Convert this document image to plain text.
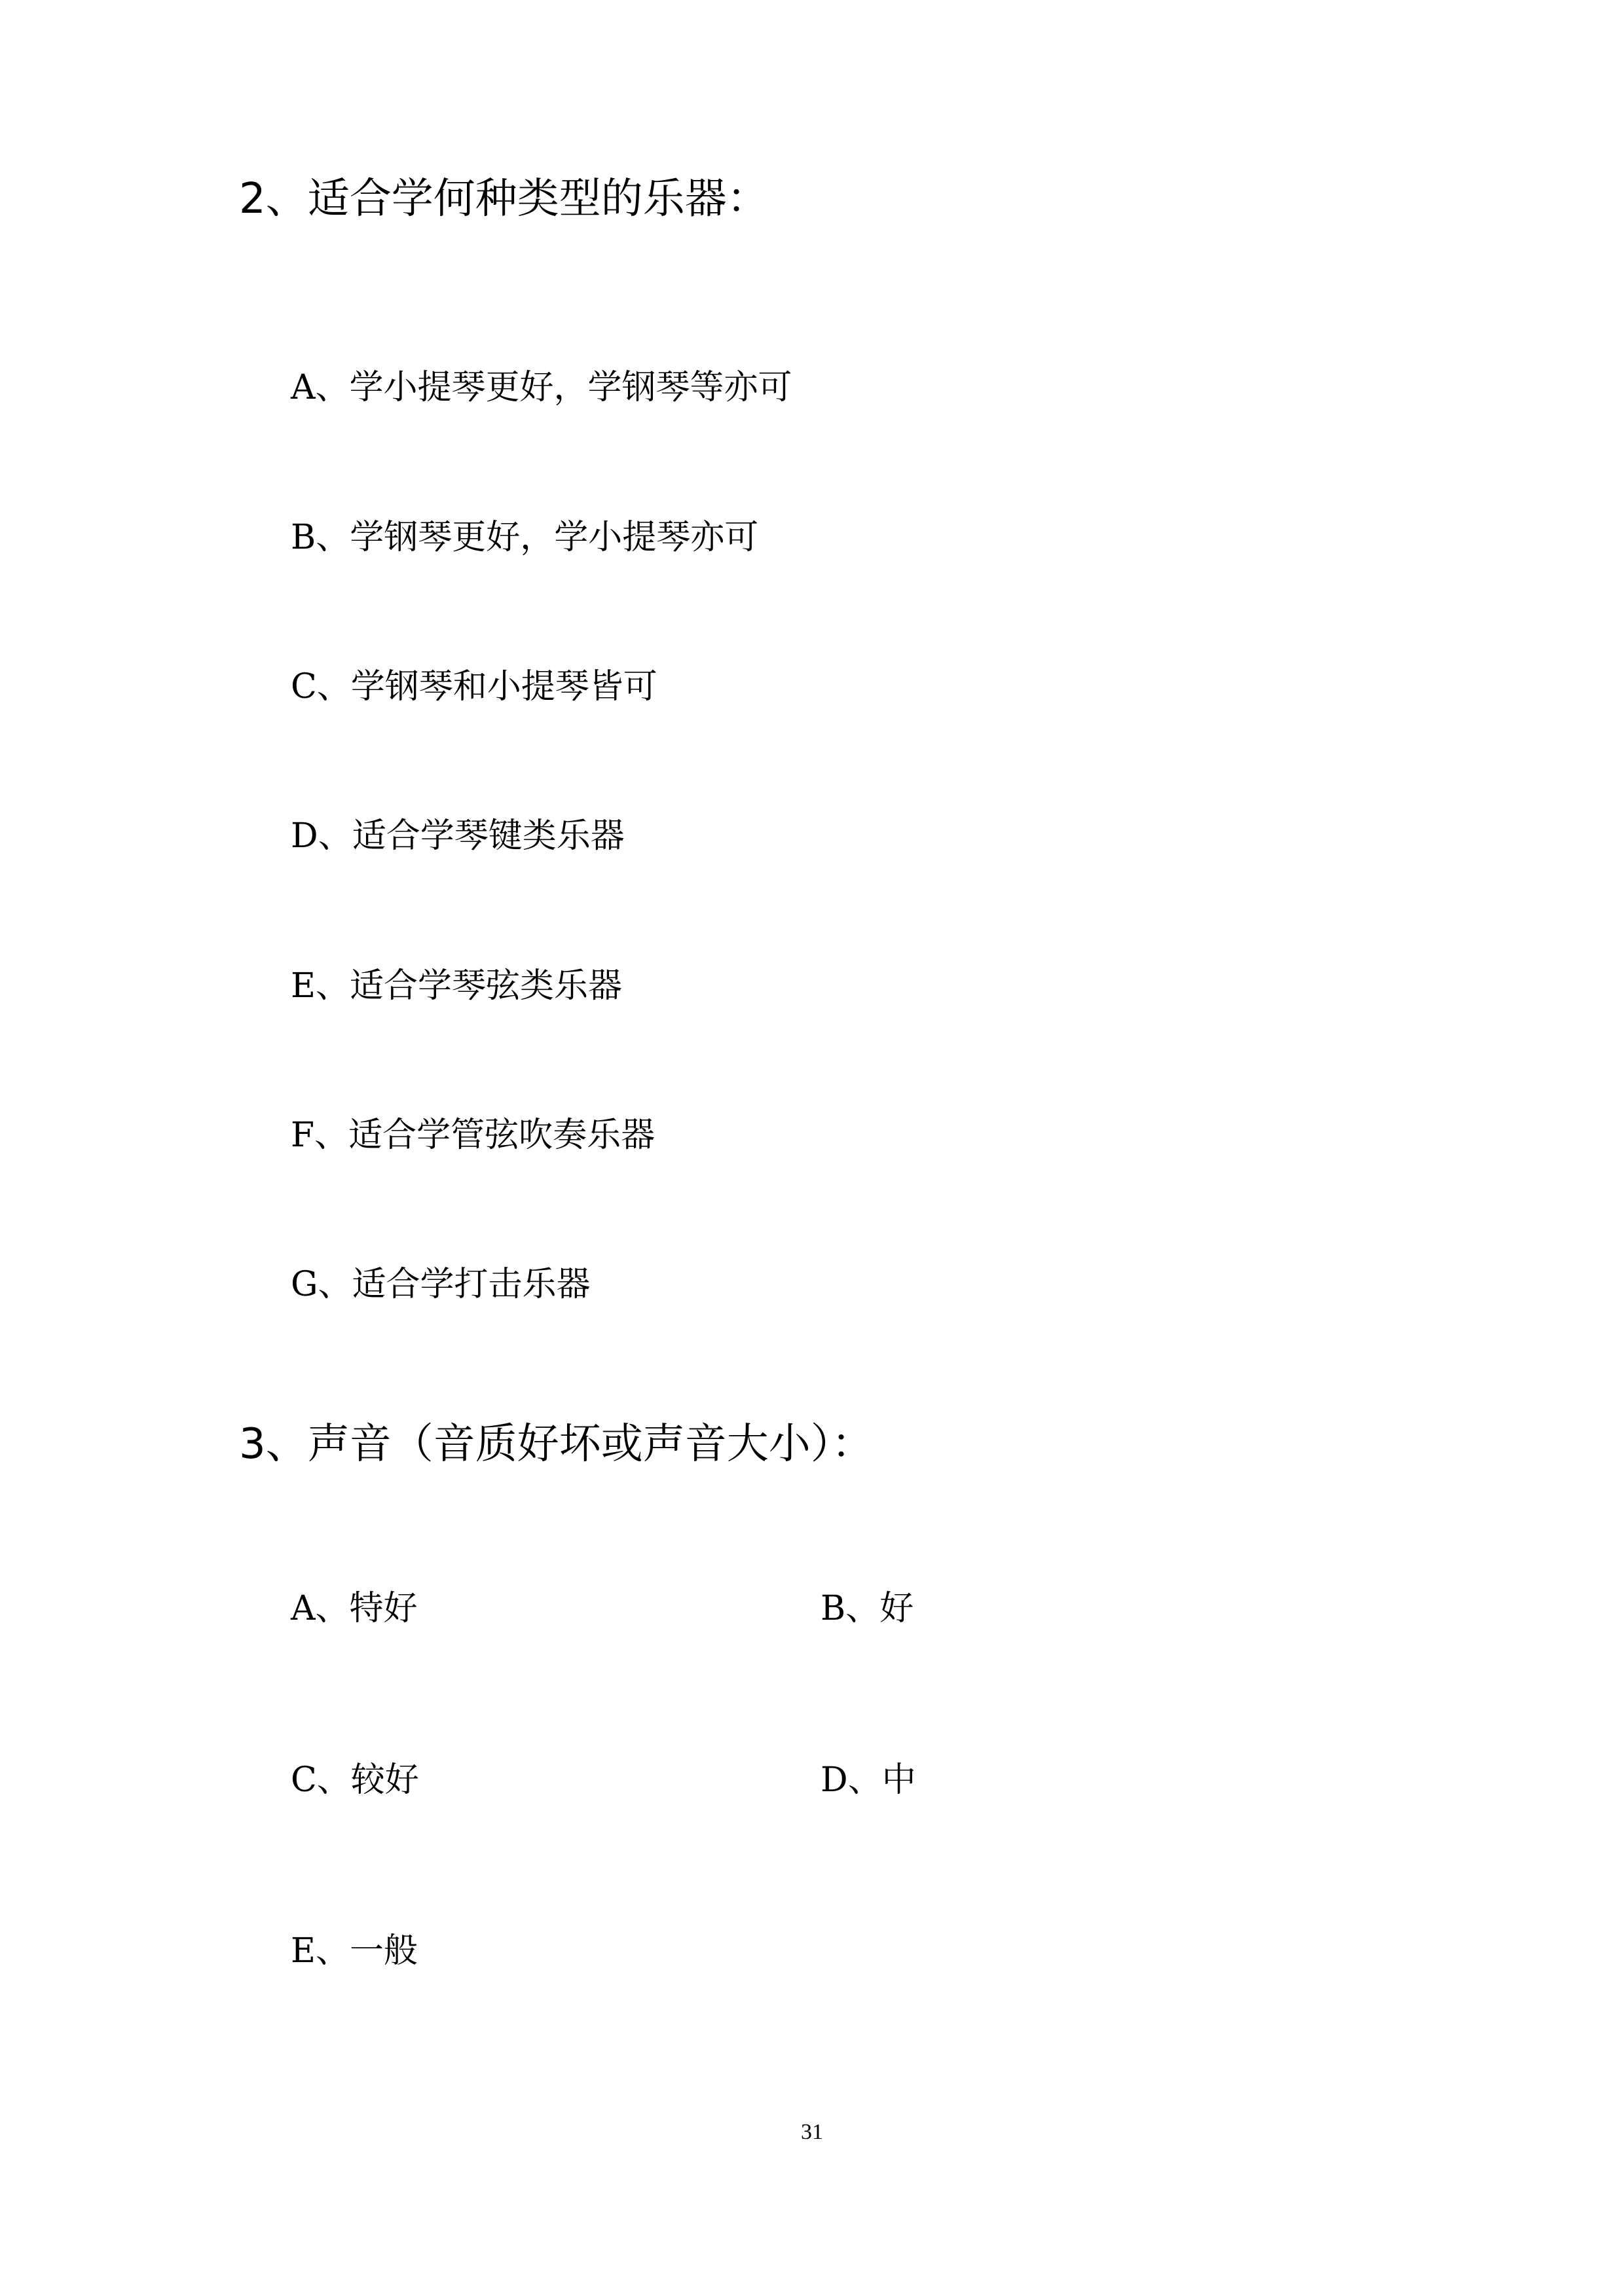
2、适合学何种类型的乐器：
A、学小提琴更好，学钢琴等亦可
B、学钢琴更好，学小提琴亦可
C、学钢琴和小提琴皆可
D、适合学琴键类乐器
E、适合学琴弦类乐器
F、适合学管弦吹奏乐器
G、适合学打击乐器
3、声音（音质好坏或声音大小）：
A、特好	B、好
C、较好	D、中
E、一般
31
